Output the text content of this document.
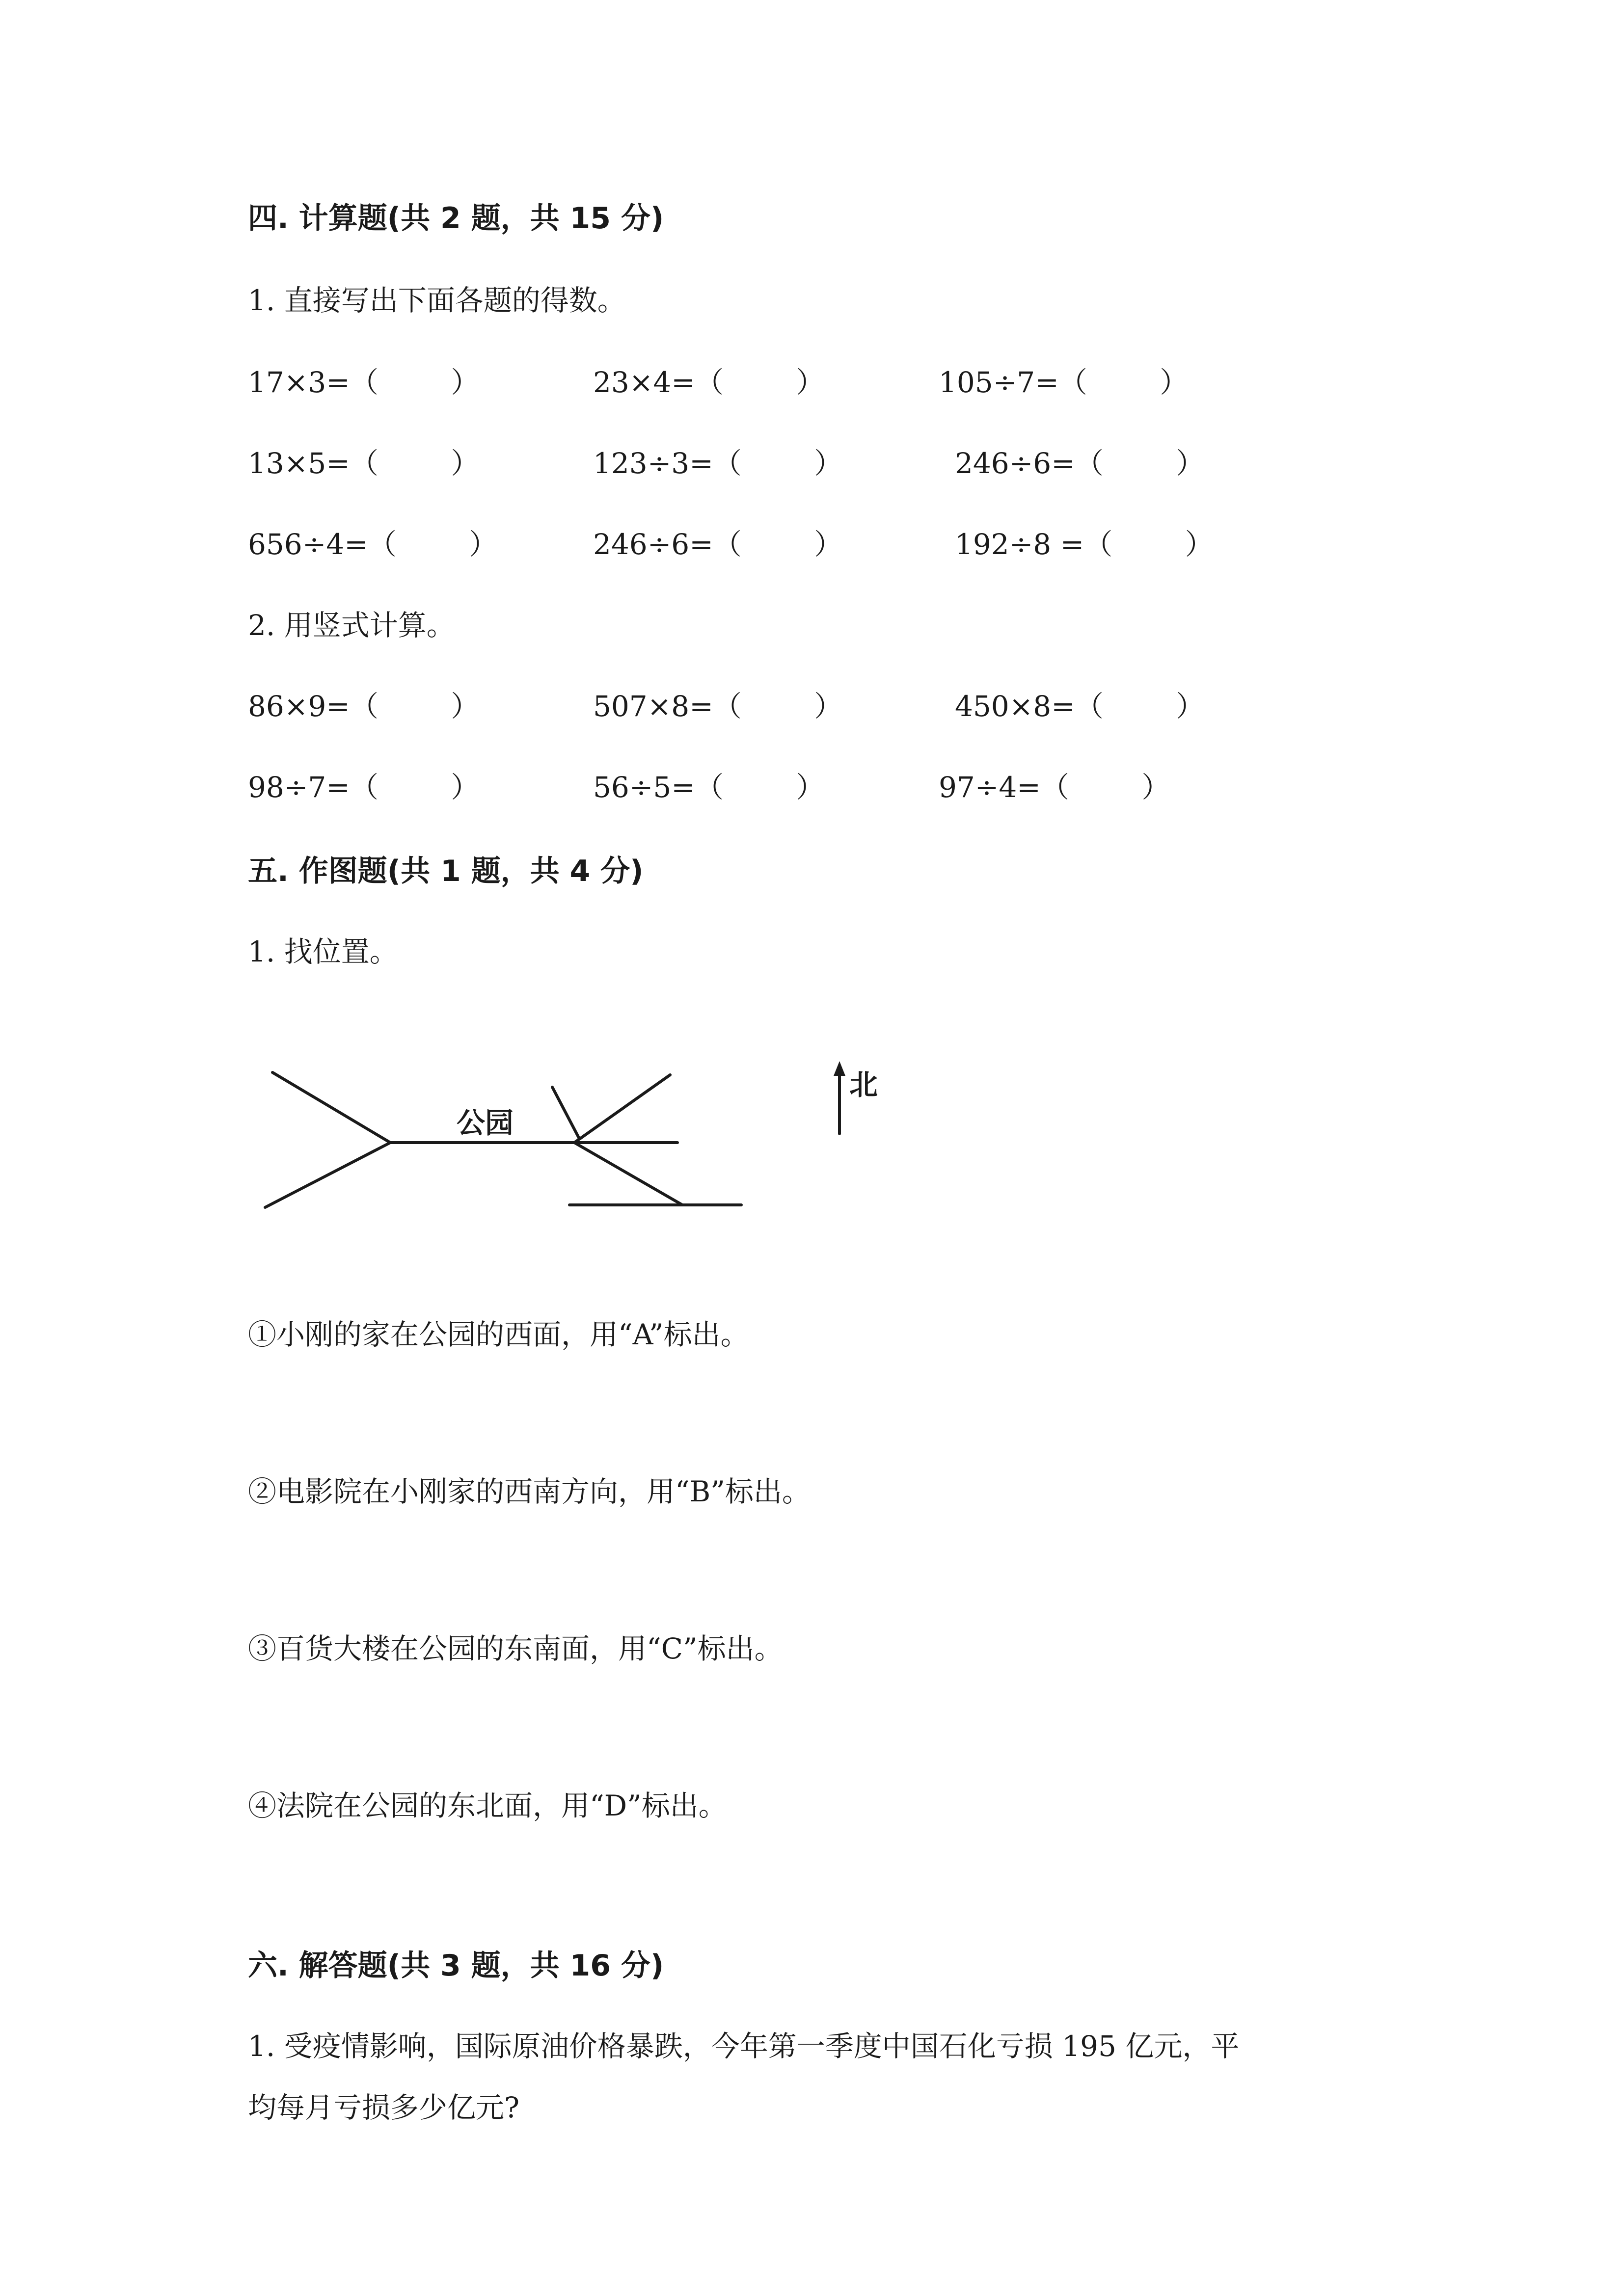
四. 计算题(共 2 题，共 15 分)
1. 直接写出下面各题的得数。
17×3=（        ）	23×4=（        ）	105÷7=（        ）
13×5=（        ）	123÷3=（        ）	246÷6=（        ）
656÷4=（        ）	246÷6=（        ）	192÷8 =（        ）
2. 用竖式计算。
86×9=（        ）	507×8=（        ）	450×8=（        ）
98÷7=（        ）	56÷5=（        ）	97÷4=（        ）
五. 作图题(共 1 题，共 4 分)
1. 找位置。
公园
北
①小刚的家在公园的西面，用“A”标出。
②电影院在小刚家的西南方向，用“B”标出。
③百货大楼在公园的东南面，用“C”标出。
④法院在公园的东北面，用“D”标出。
六. 解答题(共 3 题，共 16 分)
1. 受疫情影响，国际原油价格暴跌，今年第一季度中国石化亏损 195 亿元，平
均每月亏损多少亿元?
